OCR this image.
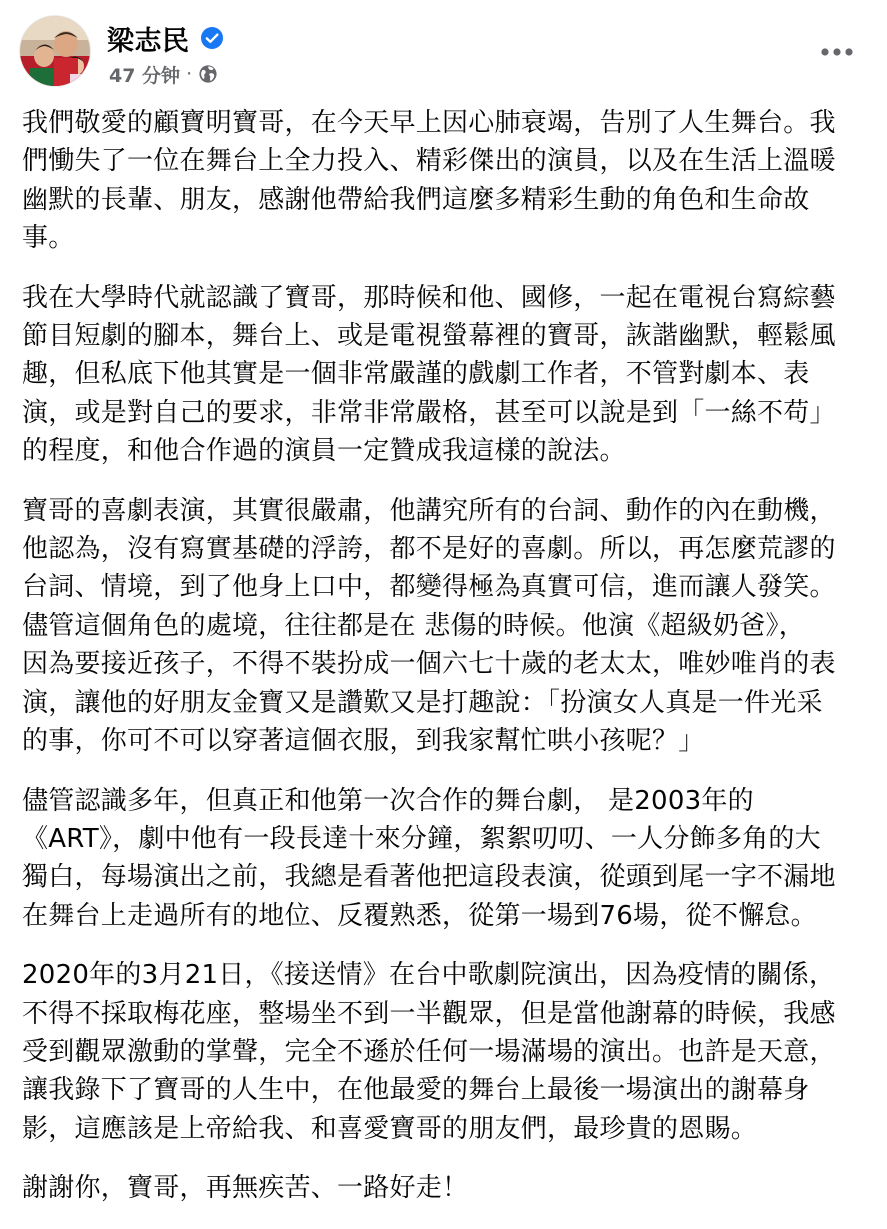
梁志民
47 分钟 ·

我們敬愛的顧寶明寶哥，在今天早上因心肺衰竭，告別了人生舞台。我
們慟失了一位在舞台上全力投入、精彩傑出的演員，以及在生活上溫暖
幽默的長輩、朋友，感謝他帶給我們這麼多精彩生動的角色和生命故
事。

我在大學時代就認識了寶哥，那時候和他、國修，一起在電視台寫綜藝
節目短劇的腳本，舞台上、或是電視螢幕裡的寶哥，詼諧幽默，輕鬆風
趣，但私底下他其實是一個非常嚴謹的戲劇工作者，不管對劇本、表
演，或是對自己的要求，非常非常嚴格，甚至可以說是到「一絲不苟」
的程度，和他合作過的演員一定贊成我這樣的說法。

寶哥的喜劇表演，其實很嚴肅，他講究所有的台詞、動作的內在動機，
他認為，沒有寫實基礎的浮誇，都不是好的喜劇。所以，再怎麼荒謬的
台詞、情境，到了他身上口中，都變得極為真實可信，進而讓人發笑。
儘管這個角色的處境，往往都是在 悲傷的時候。他演《超級奶爸》，
因為要接近孩子，不得不裝扮成一個六七十歲的老太太，唯妙唯肖的表
演，讓他的好朋友金寶又是讚歎又是打趣說：「扮演女人真是一件光采
的事，你可不可以穿著這個衣服，到我家幫忙哄小孩呢？」

儘管認識多年，但真正和他第一次合作的舞台劇， 是2003年的
《ART》，劇中他有一段長達十來分鐘，絮絮叨叨、一人分飾多角的大
獨白，每場演出之前，我總是看著他把這段表演，從頭到尾一字不漏地
在舞台上走過所有的地位、反覆熟悉，從第一場到76場，從不懈怠。

2020年的3月21日，《接送情》在台中歌劇院演出，因為疫情的關係，
不得不採取梅花座，整場坐不到一半觀眾，但是當他謝幕的時候，我感
受到觀眾激動的掌聲，完全不遜於任何一場滿場的演出。也許是天意，
讓我錄下了寶哥的人生中，在他最愛的舞台上最後一場演出的謝幕身
影，這應該是上帝給我、和喜愛寶哥的朋友們，最珍貴的恩賜。

謝謝你，寶哥，再無疾苦、一路好走！
